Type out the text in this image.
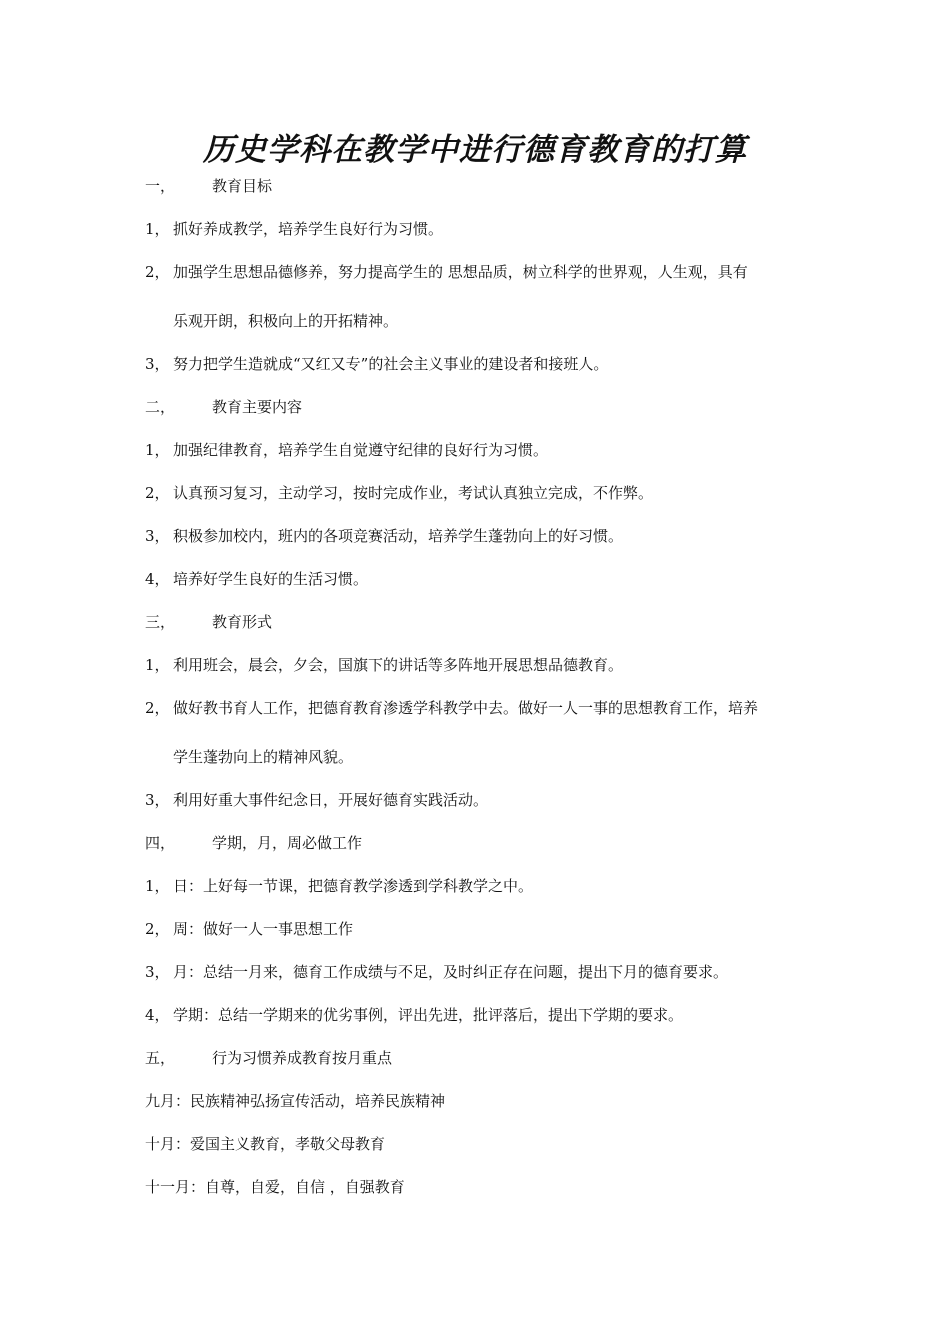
历史学科在教学中进行德育教育的打算

一， 教育目标

1， 抓好养成教学，培养学生良好行为习惯。

2， 加强学生思想品德修养，努力提高学生的 思想品质，树立科学的世界观，人生观，具有

乐观开朗，积极向上的开拓精神。

3， 努力把学生造就成“又红又专”的社会主义事业的建设者和接班人。

二， 教育主要内容

1， 加强纪律教育，培养学生自觉遵守纪律的良好行为习惯。

2， 认真预习复习，主动学习，按时完成作业，考试认真独立完成，不作弊。

3， 积极参加校内，班内的各项竞赛活动，培养学生蓬勃向上的好习惯。

4， 培养好学生良好的生活习惯。

三， 教育形式

1， 利用班会，晨会，夕会，国旗下的讲话等多阵地开展思想品德教育。

2， 做好教书育人工作，把德育教育渗透学科教学中去。做好一人一事的思想教育工作，培养

学生蓬勃向上的精神风貌。

3， 利用好重大事件纪念日，开展好德育实践活动。

四， 学期，月，周必做工作

1， 日：上好每一节课，把德育教学渗透到学科教学之中。

2， 周：做好一人一事思想工作

3， 月：总结一月来，德育工作成绩与不足，及时纠正存在问题，提出下月的德育要求。

4， 学期：总结一学期来的优劣事例，评出先进，批评落后，提出下学期的要求。

五， 行为习惯养成教育按月重点

九月：民族精神弘扬宣传活动，培养民族精神

十月：爱国主义教育，孝敬父母教育

十一月：自尊，自爱，自信 ，自强教育
